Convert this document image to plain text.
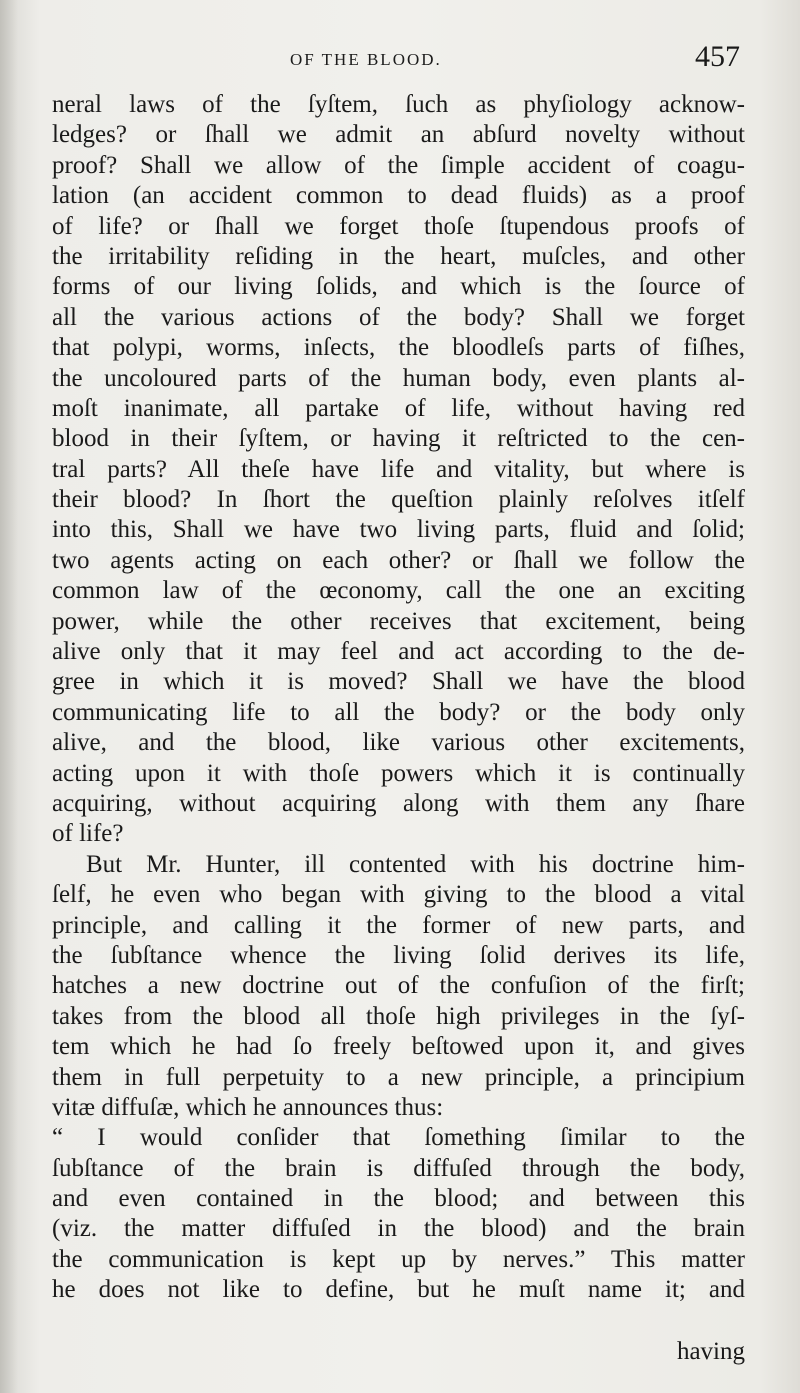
OF THE BLOOD.	457
neral laws of the ſyſtem, ſuch as phyſiology acknow-
ledges? or ſhall we admit an abſurd novelty without
proof? Shall we allow of the ſimple accident of coagu-
lation (an accident common to dead fluids) as a proof
of life? or ſhall we forget thoſe ſtupendous proofs of
the irritability reſiding in the heart, muſcles, and other
forms of our living ſolids, and which is the ſource of
all the various actions of the body? Shall we forget
that polypi, worms, inſects, the bloodleſs parts of fiſhes,
the uncoloured parts of the human body, even plants al-
moſt inanimate, all partake of life, without having red
blood in their ſyſtem, or having it reſtricted to the cen-
tral parts? All theſe have life and vitality, but where is
their blood? In ſhort the queſtion plainly reſolves itſelf
into this, Shall we have two living parts, fluid and ſolid;
two agents acting on each other? or ſhall we follow the
common law of the œconomy, call the one an exciting
power, while the other receives that excitement, being
alive only that it may feel and act according to the de-
gree in which it is moved? Shall we have the blood
communicating life to all the body? or the body only
alive, and the blood, like various other excitements,
acting upon it with thoſe powers which it is continually
acquiring, without acquiring along with them any ſhare
of life?
But Mr. Hunter, ill contented with his doctrine him-
ſelf, he even who began with giving to the blood a vital
principle, and calling it the former of new parts, and
the ſubſtance whence the living ſolid derives its life,
hatches a new doctrine out of the confuſion of the firſt;
takes from the blood all thoſe high privileges in the ſyſ-
tem which he had ſo freely beſtowed upon it, and gives
them in full perpetuity to a new principle, a principium
vitæ diffuſæ, which he announces thus:
“ I would conſider that ſomething ſimilar to the
ſubſtance of the brain is diffuſed through the body,
and even contained in the blood; and between this
(viz. the matter diffuſed in the blood) and the brain
the communication is kept up by nerves.” This matter
he does not like to define, but he muſt name it; and
having
